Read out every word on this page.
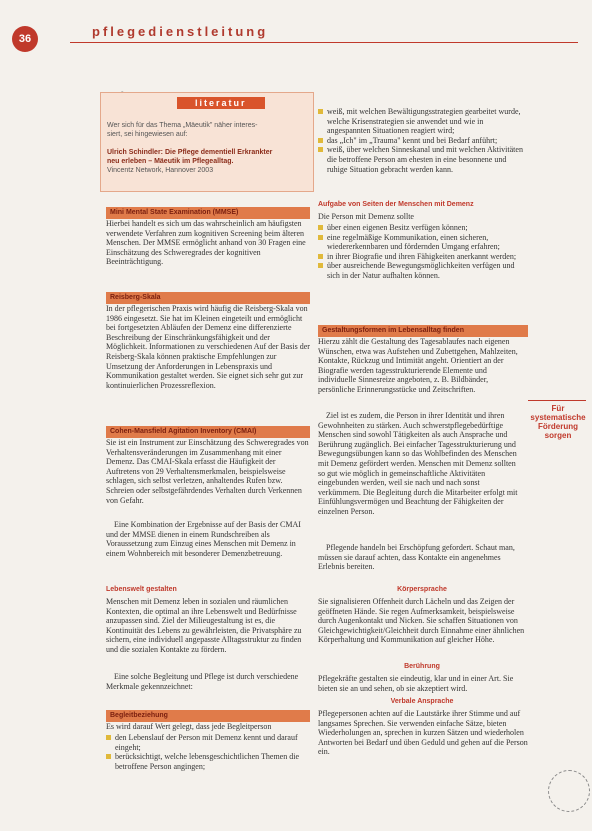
36	pflegedienstleitung
literatur
Wer sich für das Thema „Mäeutik" näher interes-
siert, sei hingewiesen auf:
Ulrich Schindler: Die Pflege dementiell Erkrankter
neu erleben – Mäeutik im Pflegealltag.
Vincentz Network, Hannover 2003
Mini Mental State Examination (MMSE)
Hierbei handelt es sich um das wahrscheinlich am häufigsten verwendete Verfahren zum kognitiven Screening beim älteren Menschen. Der MMSE ermöglicht anhand von 30 Fragen eine Einschätzung des Schweregrades der kognitiven Beeinträchtigung.
Reisberg-Skala
In der pflegerischen Praxis wird häufig die Reisberg-Skala von 1986 eingesetzt. Sie hat im Kleinen eingeteilt und ermöglicht bei fortgesetzten Abläufen der Demenz eine differenzierte Beschreibung der Einschränkungsfähigkeit und der Möglichkeit. Informationen zu verschiedenen Auf der Basis der Reisberg-Skala können praktische Empfehlungen zur Umsetzung der Anforderungen in Lebenspraxis und Kommunikation gestaltet werden. Sie eignet sich sehr gut zur kontinuierlichen Prozessreflexion.
Cohen-Mansfield Agitation Inventory (CMAI)
Sie ist ein Instrument zur Einschätzung des Schweregrades von Verhaltensveränderungen im Zusammenhang mit einer Demenz. Das CMAI-Skala erfasst die Häufigkeit der Auftretens von 29 Verhaltensmerkmalen, beispielsweise schlagen, sich selbst verletzen, anhaltendes Rufen bzw. Schreien oder selbstgefährdendes Verhalten durch Verkennen von Gefahr.
Eine Kombination der Ergebnisse auf der Basis der CMAI und der MMSE dienen in einem Rundschreiben als Voraussetzung zum Einzug eines Menschen mit Demenz in einem Wohnbereich mit besonderer Demenzbetreuung.
Lebenswelt gestalten
Menschen mit Demenz leben in sozialen und räumlichen Kontexten, die optimal an ihre Lebenswelt und Bedürfnisse anzupassen sind. Ziel der Milieugestaltung ist es, die Kontinuität des Lebens zu gewährleisten, die Privatsphäre zu sichern, eine individuell angepasste Alltagsstruktur zu finden und die sozialen Kontakte zu fördern.
Eine solche Begleitung und Pflege ist durch verschiedene Merkmale gekennzeichnet:
Begleitbeziehung
Es wird darauf Wert gelegt, dass jede Begleitperson
den Lebenslauf der Person mit Demenz kennt und darauf eingeht;
berücksichtigt, welche lebensgeschichtlichen Themen die betroffene Person angingen;
weiß, mit welchen Bewältigungsstrategien gearbeitet wurde, welche Krisenstrategien sie anwendet und wie in angespannten Situationen reagiert wird;
das „Ich" im „Trauma" kennt und bei Bedarf anführt;
weiß, über welchen Sinneskanal und mit welchen Aktivitäten die betroffene Person am ehesten in eine besonnene und ruhige Situation gebracht werden kann.
Aufgabe von Seiten der Menschen mit Demenz
Die Person mit Demenz sollte
über einen eigenen Besitz verfügen können;
eine regelmäßige Kommunikation, einen sicheren, wiedererkennbaren und fördernden Umgang erfahren;
in ihrer Biografie und ihren Fähigkeiten anerkannt werden;
über ausreichende Bewegungsmöglichkeiten verfügen und sich in der Natur aufhalten können.
Gestaltungsformen im Lebensalltag finden
Hierzu zählt die Gestaltung des Tagesablaufes nach eigenen Wünschen, etwa was Aufstehen und Zubettgehen, Mahlzeiten, Kontakte, Rückzug und Intimität angeht. Orientiert an der Biografie werden tagesstrukturierende Elemente und individuelle Sinnesreize angeboten, z. B. Bildbänder, persönliche Erinnerungsstücke und Zeitschriften.
Ziel ist es zudem, die Person in ihrer Identität und ihren Gewohnheiten zu stärken. Auch schwerstpflegebedürftige Menschen sind sowohl Tätigkeiten als auch Ansprache und Berührung zugänglich. Bei einfacher Tagesstrukturierung und Bewegungsübungen kann so das Wohlbefinden des Menschen mit Demenz gefördert werden. Menschen mit Demenz sollten so gut wie möglich in gemeinschaftliche Aktivitäten eingebunden werden, weil sie nach und nach sonst verkümmern. Die Begleitung durch die Mitarbeiter erfolgt mit Einfühlungsvermögen und Beachtung der Fähigkeiten der einzelnen Person.
Pflegende handeln bei Erschöpfung gefordert. Schaut man, müssen sie darauf achten, dass Kontakte ein angenehmes Erlebnis bereiten.
Für systematische Förderung sorgen
Körpersprache
Sie signalisieren Offenheit durch Lächeln und das Zeigen der geöffneten Hände. Sie regen Aufmerksamkeit, beispielsweise durch Augenkontakt und Nicken. Sie schaffen Situationen von Gleichgewichtigkeit/Gleichheit durch Einnahme einer ähnlichen Körperhaltung und Kommunikation auf gleicher Höhe.
Berührung
Pflegekräfte gestalten sie eindeutig, klar und in einer Art. Sie bieten sie an und sehen, ob sie akzeptiert wird.
Verbale Ansprache
Pflegepersonen achten auf die Lautstärke ihrer Stimme und auf langsames Sprechen. Sie verwenden einfache Sätze, bieten Wiederholungen an, sprechen in kurzen Sätzen und wiederholen Antworten bei Bedarf und üben Geduld und gehen auf die Person ein.
